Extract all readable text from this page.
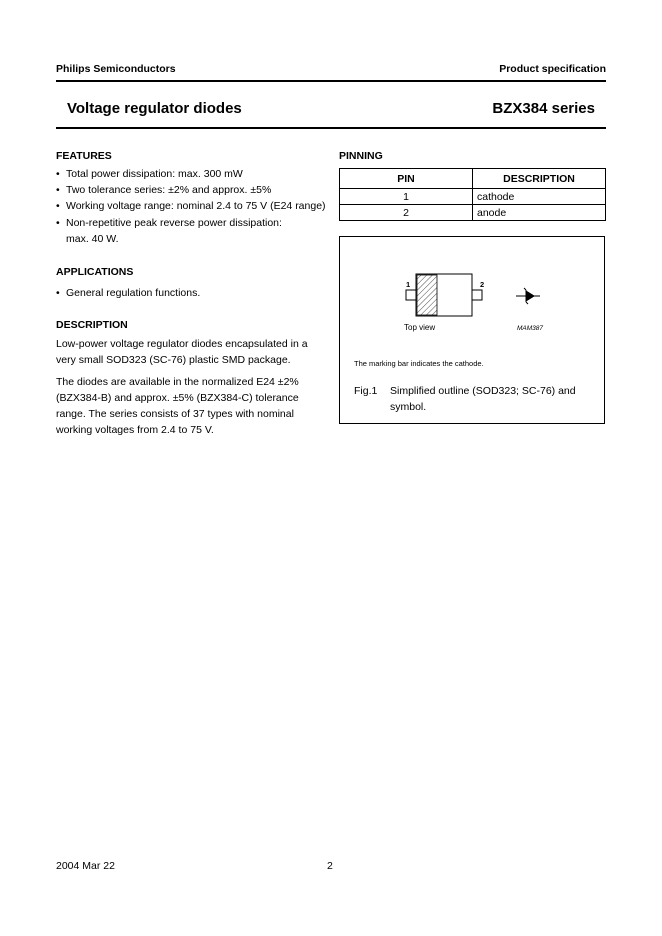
Philips Semiconductors	Product specification
Voltage regulator diodes	BZX384 series
FEATURES
• Total power dissipation: max. 300 mW
• Two tolerance series: ±2% and approx. ±5%
• Working voltage range: nominal 2.4 to 75 V (E24 range)
• Non-repetitive peak reverse power dissipation:
max. 40 W.
APPLICATIONS
• General regulation functions.
DESCRIPTION

Low-power voltage regulator diodes encapsulated in a

very small SOD323 (SC-76) plastic SMD package.

The diodes are available in the normalized E24 ±2%

(BZX384-B) and approx. ±5% (BZX384-C) tolerance

range. The series consists of 37 types with nominal

working voltages from 2.4 to 75 V.

PINNING
PIN	DESCRIPTION
1	cathode
2	anode
1	2
Top view	MAM387
The marking bar indicates the cathode.
Fig.1 Simplified outline (SOD323; SC-76) and

symbol.

2004 Mar 22	2
